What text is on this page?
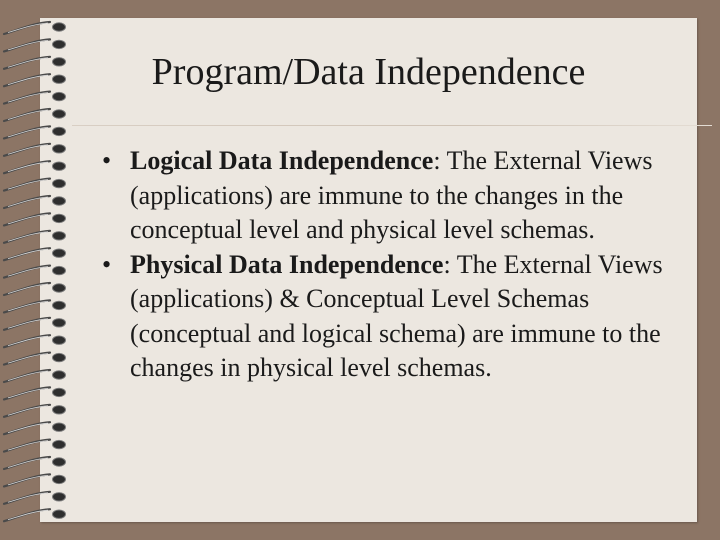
Program/Data Independence

• Logical Data Independence: The External Views (applications) are immune to the changes in the conceptual level and physical level schemas.

• Physical Data Independence: The External Views (applications) & Conceptual Level Schemas (conceptual and logical schema) are immune to the changes in physical level schemas.
